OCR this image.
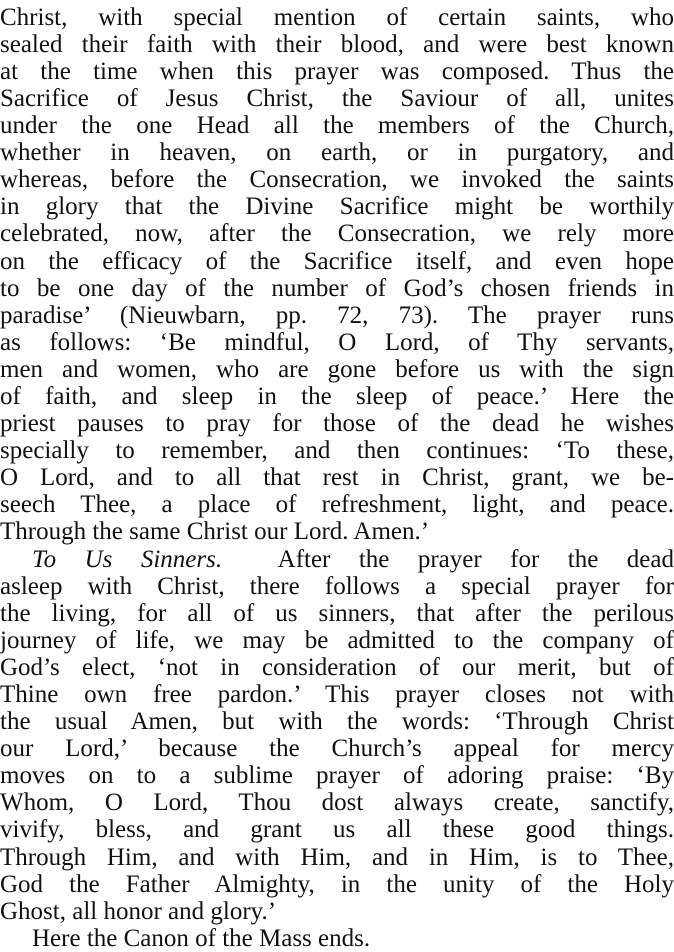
Christ, with special mention of certain saints, who
sealed their faith with their blood, and were best known
at the time when this prayer was composed. Thus the
Sacrifice of Jesus Christ, the Saviour of all, unites
under the one Head all the members of the Church,
whether in heaven, on earth, or in purgatory, and
whereas, before the Consecration, we invoked the saints
in glory that the Divine Sacrifice might be worthily
celebrated, now, after the Consecration, we rely more
on the efficacy of the Sacrifice itself, and even hope
to be one day of the number of God’s chosen friends in
paradise’ (Nieuwbarn, pp. 72, 73). The prayer runs
as follows: ‘Be mindful, O Lord, of Thy servants,
men and women, who are gone before us with the sign
of faith, and sleep in the sleep of peace.’ Here the
priest pauses to pray for those of the dead he wishes
specially to remember, and then continues: ‘To these,
O Lord, and to all that rest in Christ, grant, we be-
seech Thee, a place of refreshment, light, and peace.
Through the same Christ our Lord. Amen.’
To Us Sinners. After the prayer for the dead
asleep with Christ, there follows a special prayer for
the living, for all of us sinners, that after the perilous
journey of life, we may be admitted to the company of
God’s elect, ‘not in consideration of our merit, but of
Thine own free pardon.’ This prayer closes not with
the usual Amen, but with the words: ‘Through Christ
our Lord,’ because the Church’s appeal for mercy
moves on to a sublime prayer of adoring praise: ‘By
Whom, O Lord, Thou dost always create, sanctify,
vivify, bless, and grant us all these good things.
Through Him, and with Him, and in Him, is to Thee,
God the Father Almighty, in the unity of the Holy
Ghost, all honor and glory.’
Here the Canon of the Mass ends.
